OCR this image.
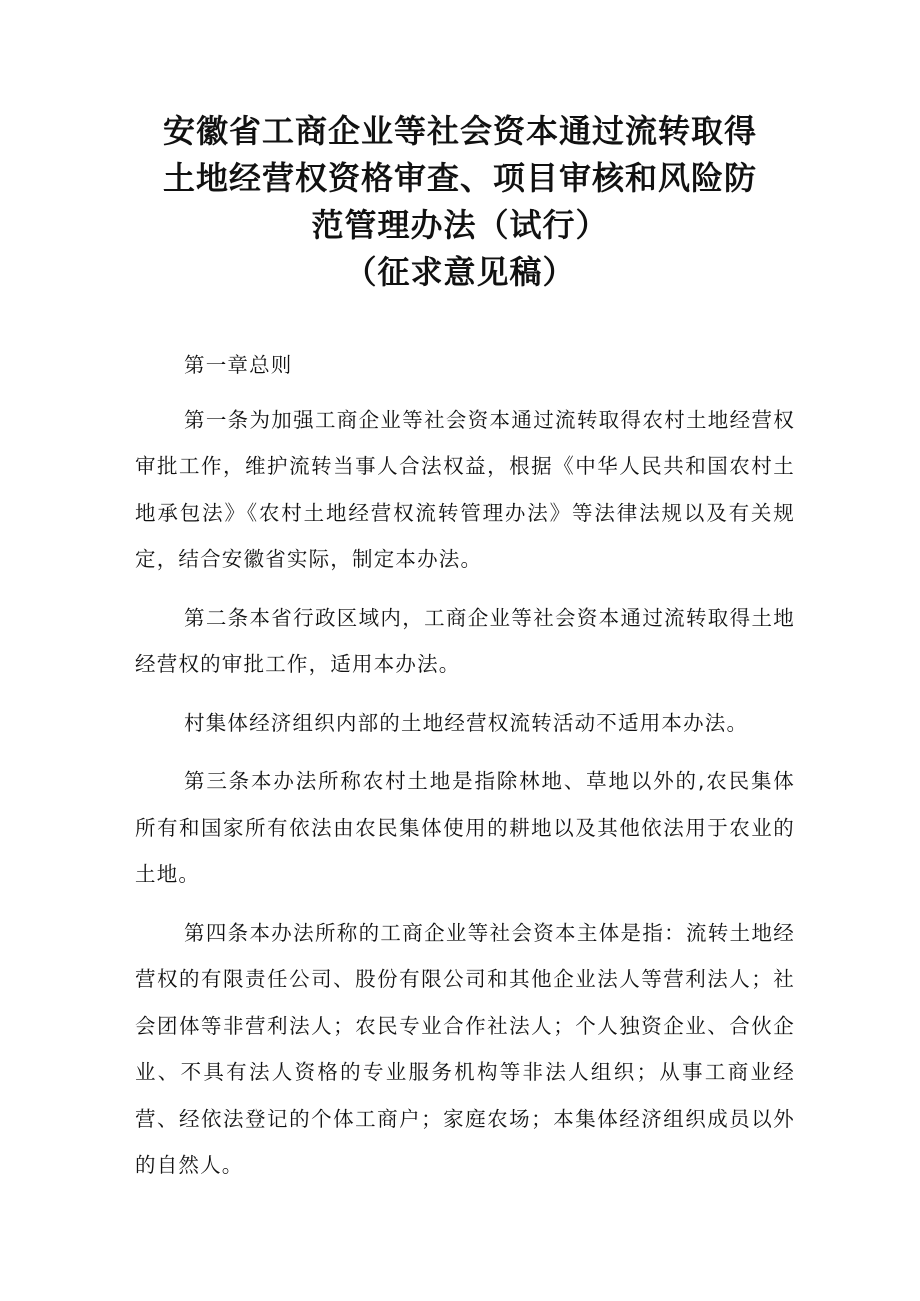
安徽省工商企业等社会资本通过流转取得
土地经营权资格审查、项目审核和风险防
范管理办法（试行）
（征求意见稿）

第一章总则

第一条为加强工商企业等社会资本通过流转取得农村土地经营权审批工作，维护流转当事人合法权益，根据《中华人民共和国农村土地承包法》《农村土地经营权流转管理办法》等法律法规以及有关规定，结合安徽省实际，制定本办法。

第二条本省行政区域内，工商企业等社会资本通过流转取得土地经营权的审批工作，适用本办法。

村集体经济组织内部的土地经营权流转活动不适用本办法。

第三条本办法所称农村土地是指除林地、草地以外的,农民集体所有和国家所有依法由农民集体使用的耕地以及其他依法用于农业的土地。

第四条本办法所称的工商企业等社会资本主体是指：流转土地经营权的有限责任公司、股份有限公司和其他企业法人等营利法人；社会团体等非营利法人；农民专业合作社法人；个人独资企业、合伙企业、不具有法人资格的专业服务机构等非法人组织；从事工商业经营、经依法登记的个体工商户；家庭农场；本集体经济组织成员以外的自然人。
